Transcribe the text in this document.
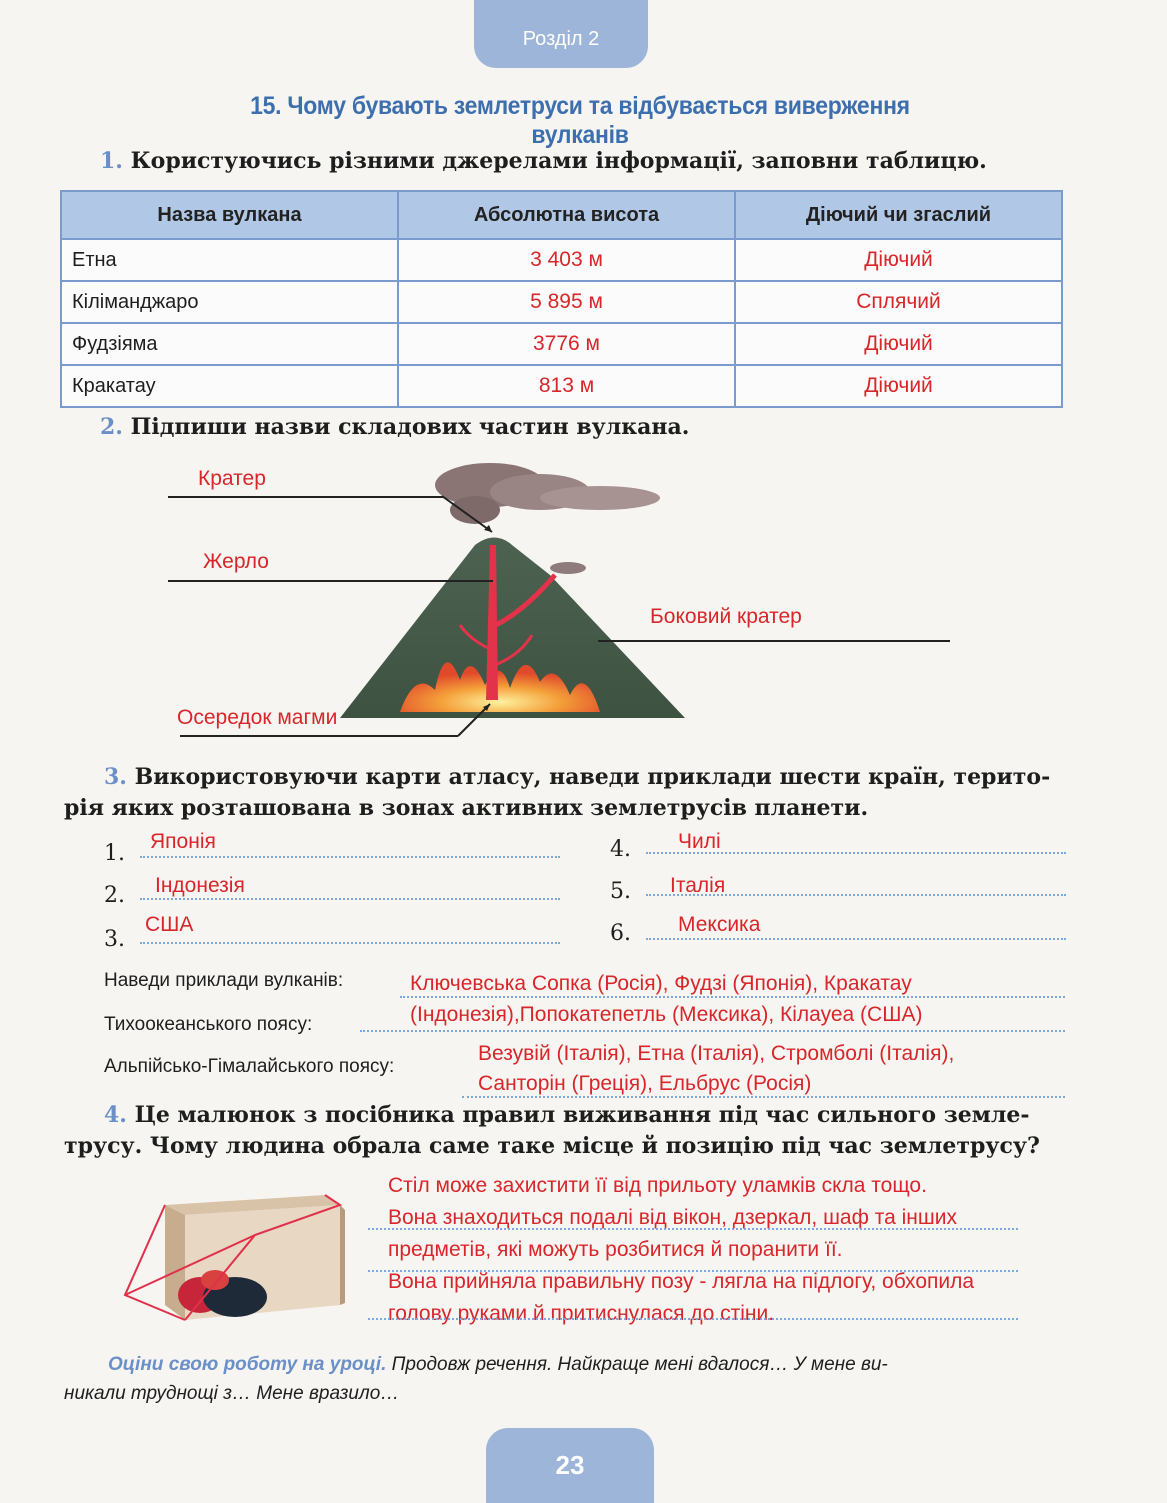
Розділ 2
15. Чому бувають землетруси та відбувається виверження вулканів
1. Користуючись різними джерелами інформації, заповни таблицю.
Назва вулкана	Абсолютна висота	Діючий чи згаслий
Етна	3 403 м	Діючий
Кіліманджаро	5 895 м	Сплячий
Фудзіяма	3776 м	Діючий
Кракатау	813 м	Діючий
2. Підпиши назви складових частин вулкана.
Кратер
Жерло
Боковий кратер
Осередок магми
3. Використовуючи карти атласу, наведи приклади шести країн, терито-
рія яких розташована в зонах активних землетрусів планети.
1. Японія
2. Індонезія
3.
США
4. Чилі
5. Італія
6. Мексика
Наведи приклади вулканів:	Ключевська Сопка (Росія), Фудзі (Японія), Кракатау
Тихоокеанського поясу:	(Індонезія),Попокатепетль (Мексика), Кілауеа (США)
Альпійсько-Гімалайського поясу:
Везувій (Італія), Етна (Італія), Стромболі (Італія),
Санторін (Греція), Ельбрус (Росія)
4. Це малюнок з посібника правил виживання під час сильного земле-
трусу. Чому людина обрала саме таке місце й позицію під час землетрусу?
Стіл може захистити її від прильоту уламків скла тощо.
Вона знаходиться подалі від вікон, дзеркал, шаф та інших
предметів, які можуть розбитися й поранити її.
Вона прийняла правильну позу - лягла на підлогу, обхопила
голову руками й притиснулася до стіни.
Оціни свою роботу на уроці. Продовж речення. Найкраще мені вдалося… У мене ви-
никали труднощі з… Мене вразило…
23
